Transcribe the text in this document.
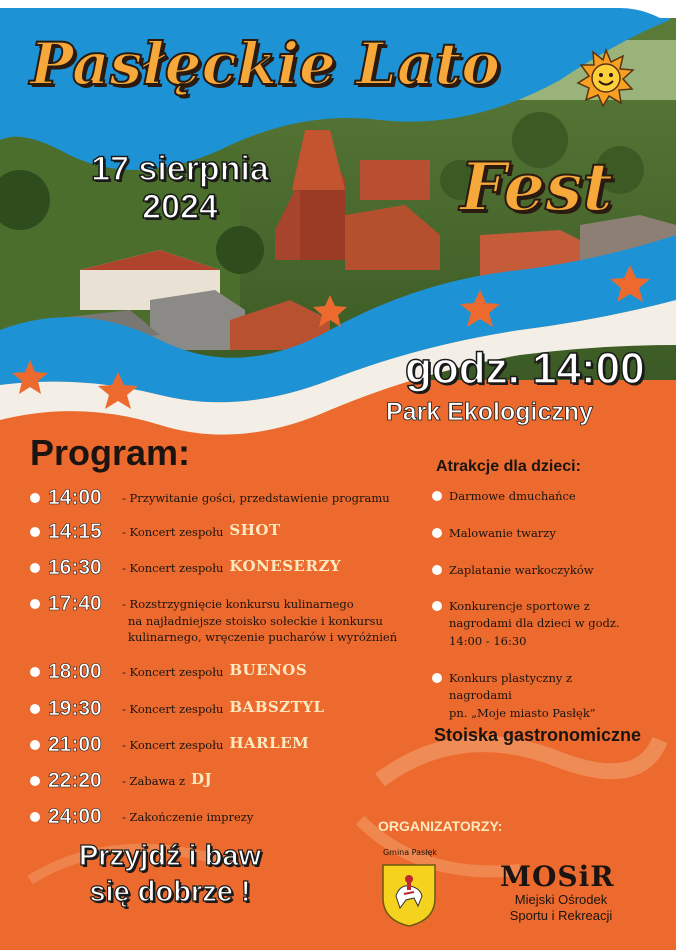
Pasłęckie Lato
Fest
17 sierpnia
2024
godz. 14:00
Park Ekologiczny
Program:
14:00	- Przywitanie gości, przedstawienie programu
14:15	- Koncert zespołu SHOT
16:30	- Koncert zespołu KONESERZY
17:40	- Rozstrzygnięcie konkursu kulinarnego
na najładniejsze stoisko sołeckie i konkursu
kulinarnego, wręczenie pucharów i wyróżnień
18:00	- Koncert zespołu BUENOS
19:30	- Koncert zespołu BABSZTYL
21:00	- Koncert zespołu HARLEM
22:20	- Zabawa z DJ
24:00	- Zakończenie imprezy
Atrakcje dla dzieci:
Darmowe dmuchańce
Malowanie twarzy
Zaplatanie warkoczyków
Konkurencje sportowe z
nagrodami dla dzieci w godz.
14:00 - 16:30
Konkurs plastyczny z nagrodami
pn. „Moje miasto Pasłęk”
Stoiska gastronomiczne
Przyjdź i baw
się dobrze !
ORGANIZATORZY:
Gmina Pasłęk
MOSiR
Miejski Ośrodek
Sportu i Rekreacji
